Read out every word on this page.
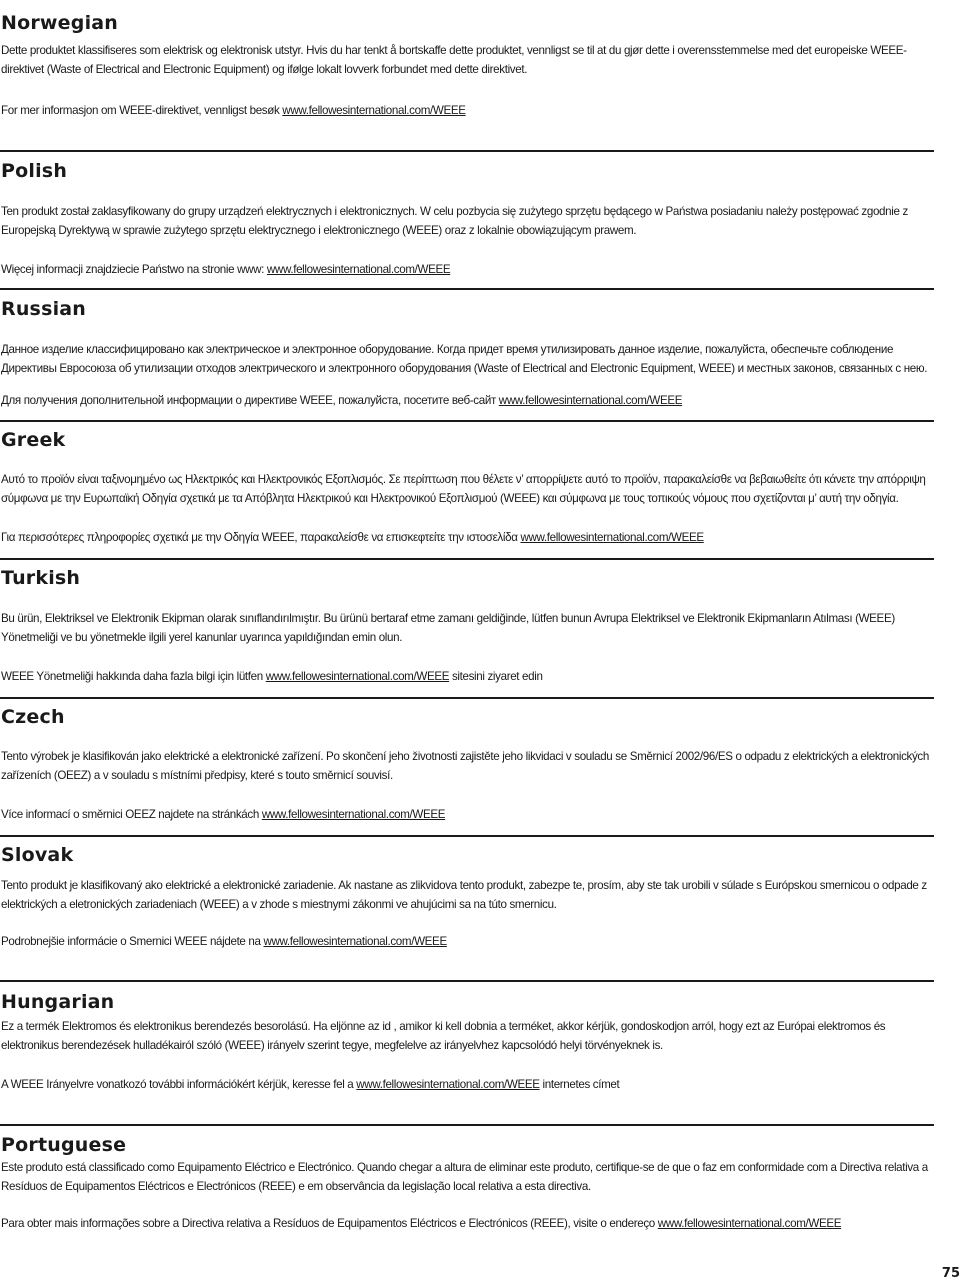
Norwegian
Dette produktet klassifiseres som elektrisk og elektronisk utstyr. Hvis du har tenkt å bortskaffe dette produktet, vennligst se til at du gjør dette i overensstemmelse med det europeiske WEEE-direktivet (Waste of Electrical and Electronic Equipment) og ifølge lokalt lovverk forbundet med dette direktivet.
For mer informasjon om WEEE-direktivet, vennligst besøk www.fellowesinternational.com/WEEE
Polish
Ten produkt został zaklasyfikowany do grupy urządzeń elektrycznych i elektronicznych. W celu pozbycia się zużytego sprzętu będącego w Państwa posiadaniu należy postępować zgodnie z Europejską Dyrektywą w sprawie zużytego sprzętu elektrycznego i elektronicznego (WEEE) oraz z lokalnie obowiązującym prawem.
Więcej informacji znajdziecie Państwo na stronie www: www.fellowesinternational.com/WEEE
Russian
Данное изделие классифицировано как электрическое и электронное оборудование. Когда придет время утилизировать данное изделие, пожалуйста, обеспечьте соблюдение Директивы Евросоюза об утилизации отходов электрического и электронного оборудования (Waste of Electrical and Electronic Equipment, WEEE) и местных законов, связанных с нею.
Для получения дополнительной информации о директиве WEEE, пожалуйста, посетите веб-сайт www.fellowesinternational.com/WEEE
Greek
Αυτό το προϊόν είναι ταξινομημένο ως Ηλεκτρικός και Ηλεκτρονικός Εξοπλισμός. Σε περίπτωση που θέλετε ν’ απορρίψετε αυτό το προϊόν, παρακαλείσθε να βεβαιωθείτε ότι κάνετε την απόρριψη σύμφωνα με την Ευρωπαϊκή Οδηγία σχετικά με τα Απόβλητα Ηλεκτρικού και Ηλεκτρονικού Εξοπλισμού (WEEE) και σύμφωνα με τους τοπικούς νόμους που σχετίζονται μ’ αυτή την οδηγία.
Για περισσότερες πληροφορίες σχετικά με την Οδηγία WEEE, παρακαλείσθε να επισκεφτείτε την ιστοσελίδα www.fellowesinternational.com/WEEE
Turkish
Bu ürün, Elektriksel ve Elektronik Ekipman olarak sınıflandırılmıştır. Bu ürünü bertaraf etme zamanı geldiğinde, lütfen bunun Avrupa Elektriksel ve Elektronik Ekipmanların Atılması (WEEE) Yönetmeliği ve bu yönetmekle ilgili yerel kanunlar uyarınca yapıldığından emin olun.
WEEE Yönetmeliği hakkında daha fazla bilgi için lütfen www.fellowesinternational.com/WEEE sitesini ziyaret edin
Czech
Tento výrobek je klasifikován jako elektrické a elektronické zařízení. Po skončení jeho životnosti zajistěte jeho likvidaci v souladu se Směrnicí 2002/96/ES o odpadu z elektrických a elektronických zařízeních (OEEZ) a v souladu s místními předpisy, které s touto směrnicí souvisí.
Více informací o směrnici OEEZ najdete na stránkách www.fellowesinternational.com/WEEE
Slovak
Tento produkt je klasifikovaný ako elektrické a elektronické zariadenie. Ak nastane as zlikvidova tento produkt, zabezpe te, prosím, aby ste tak urobili v súlade s Európskou smernicou o odpade z elektrických a eletronických zariadeniach (WEEE) a v zhode s miestnymi zákonmi ve ahujúcimi sa na túto smernicu.
Podrobnejšie informácie o Smernici WEEE nájdete na www.fellowesinternational.com/WEEE
Hungarian
Ez a termék Elektromos és elektronikus berendezés besorolású. Ha eljönne az id , amikor ki kell dobnia a terméket, akkor kérjük, gondoskodjon arról, hogy ezt az Európai elektromos és elektronikus berendezések hulladékairól szóló (WEEE) irányelv szerint tegye, megfelelve az irányelvhez kapcsolódó helyi törvényeknek is.
A WEEE Irányelvre vonatkozó további információkért kérjük, keresse fel a www.fellowesinternational.com/WEEE internetes címet
Portuguese
Este produto está classificado como Equipamento Eléctrico e Electrónico. Quando chegar a altura de eliminar este produto, certifique-se de que o faz em conformidade com a Directiva relativa a Resíduos de Equipamentos Eléctricos e Electrónicos (REEE) e em observância da legislação local relativa a esta directiva.
Para obter mais informações sobre a Directiva relativa a Resíduos de Equipamentos Eléctricos e Electrónicos (REEE), visite o endereço www.fellowesinternational.com/WEEE
75
